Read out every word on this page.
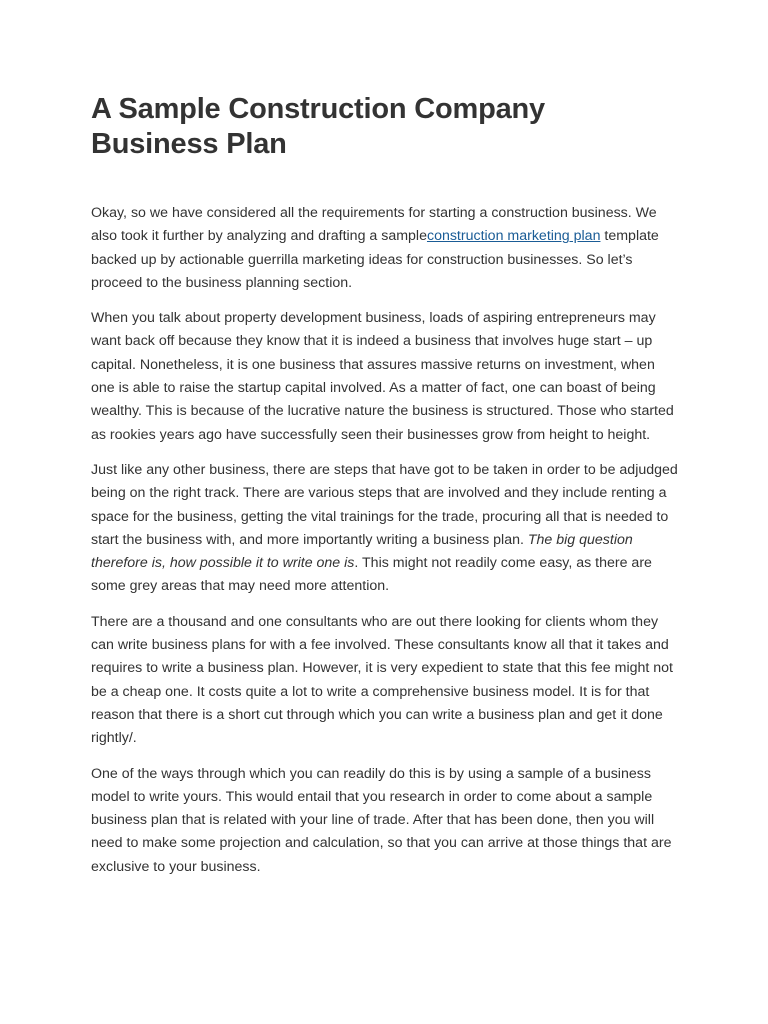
A Sample Construction Company
Business Plan

Okay, so we have considered all the requirements for starting a construction business. We also took it further by analyzing and drafting a sampleconstruction marketing plan template backed up by actionable guerrilla marketing ideas for construction businesses. So let’s proceed to the business planning section.

When you talk about property development business, loads of aspiring entrepreneurs may want back off because they know that it is indeed a business that involves huge start – up capital. Nonetheless, it is one business that assures massive returns on investment, when one is able to raise the startup capital involved. As a matter of fact, one can boast of being wealthy. This is because of the lucrative nature the business is structured. Those who started as rookies years ago have successfully seen their businesses grow from height to height.

Just like any other business, there are steps that have got to be taken in order to be adjudged being on the right track. There are various steps that are involved and they include renting a space for the business, getting the vital trainings for the trade, procuring all that is needed to start the business with, and more importantly writing a business plan. The big question therefore is, how possible it to write one is. This might not readily come easy, as there are some grey areas that may need more attention.

There are a thousand and one consultants who are out there looking for clients whom they can write business plans for with a fee involved. These consultants know all that it takes and requires to write a business plan. However, it is very expedient to state that this fee might not be a cheap one. It costs quite a lot to write a comprehensive business model. It is for that reason that there is a short cut through which you can write a business plan and get it done rightly/.

One of the ways through which you can readily do this is by using a sample of a business model to write yours. This would entail that you research in order to come about a sample business plan that is related with your line of trade. After that has been done, then you will need to make some projection and calculation, so that you can arrive at those things that are exclusive to your business.
